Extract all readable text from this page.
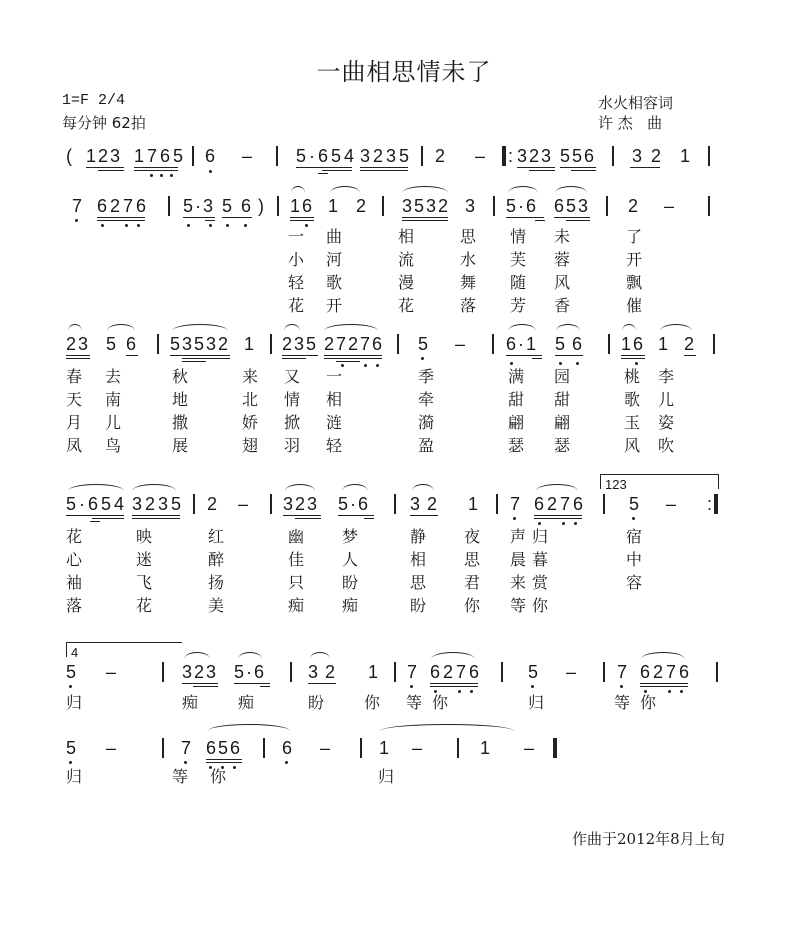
一曲相思情未了
1=F 2/4
每分钟 62拍
水火相容词
许 杰   曲
( 123 1765 6 – 5·654 3235 2 – : 323 556 3 2 1
7 6276 5·3 5 6 ) 16 1 2 3532 3 5·6 653 2 –
一 曲	相	思 情 未	了
小 河	流	水 芙 蓉	开
轻 歌	漫	舞 随 风	飘
花 开	花	落 芳 香	催
23 5 6 53532 1 235 27276 5 – 6·1 5 6 16 1 2
春 去	秋	来 又 一	季	满 园	桃 李
天 南	地	北 情 相	牵	甜 甜	歌 儿
月 儿	撒	娇 掀 涟	漪	翩 翩	玉 姿
凤 鸟	展	翅 羽 轻	盈	瑟 瑟	风 吹
123
5·654 3235 2 – 323 5·6 3 2 1 7 6276 5 – :
花	映	红	幽 梦	静 夜 声 归	宿
心	迷	醉	佳 人	相 思 晨 暮	中
袖	飞	扬	只 盼	思 君 来 赏	容
落	花	美	痴 痴	盼 你 等 你
4
5 –	323 5·6 3 2 1 7 6276	5 – 7 6276
归	痴 痴	盼 你 等 你	归	等 你
5 –	7 656 6 –	1 –	1 –
归	等 你	归
作曲于2012年8月上旬
